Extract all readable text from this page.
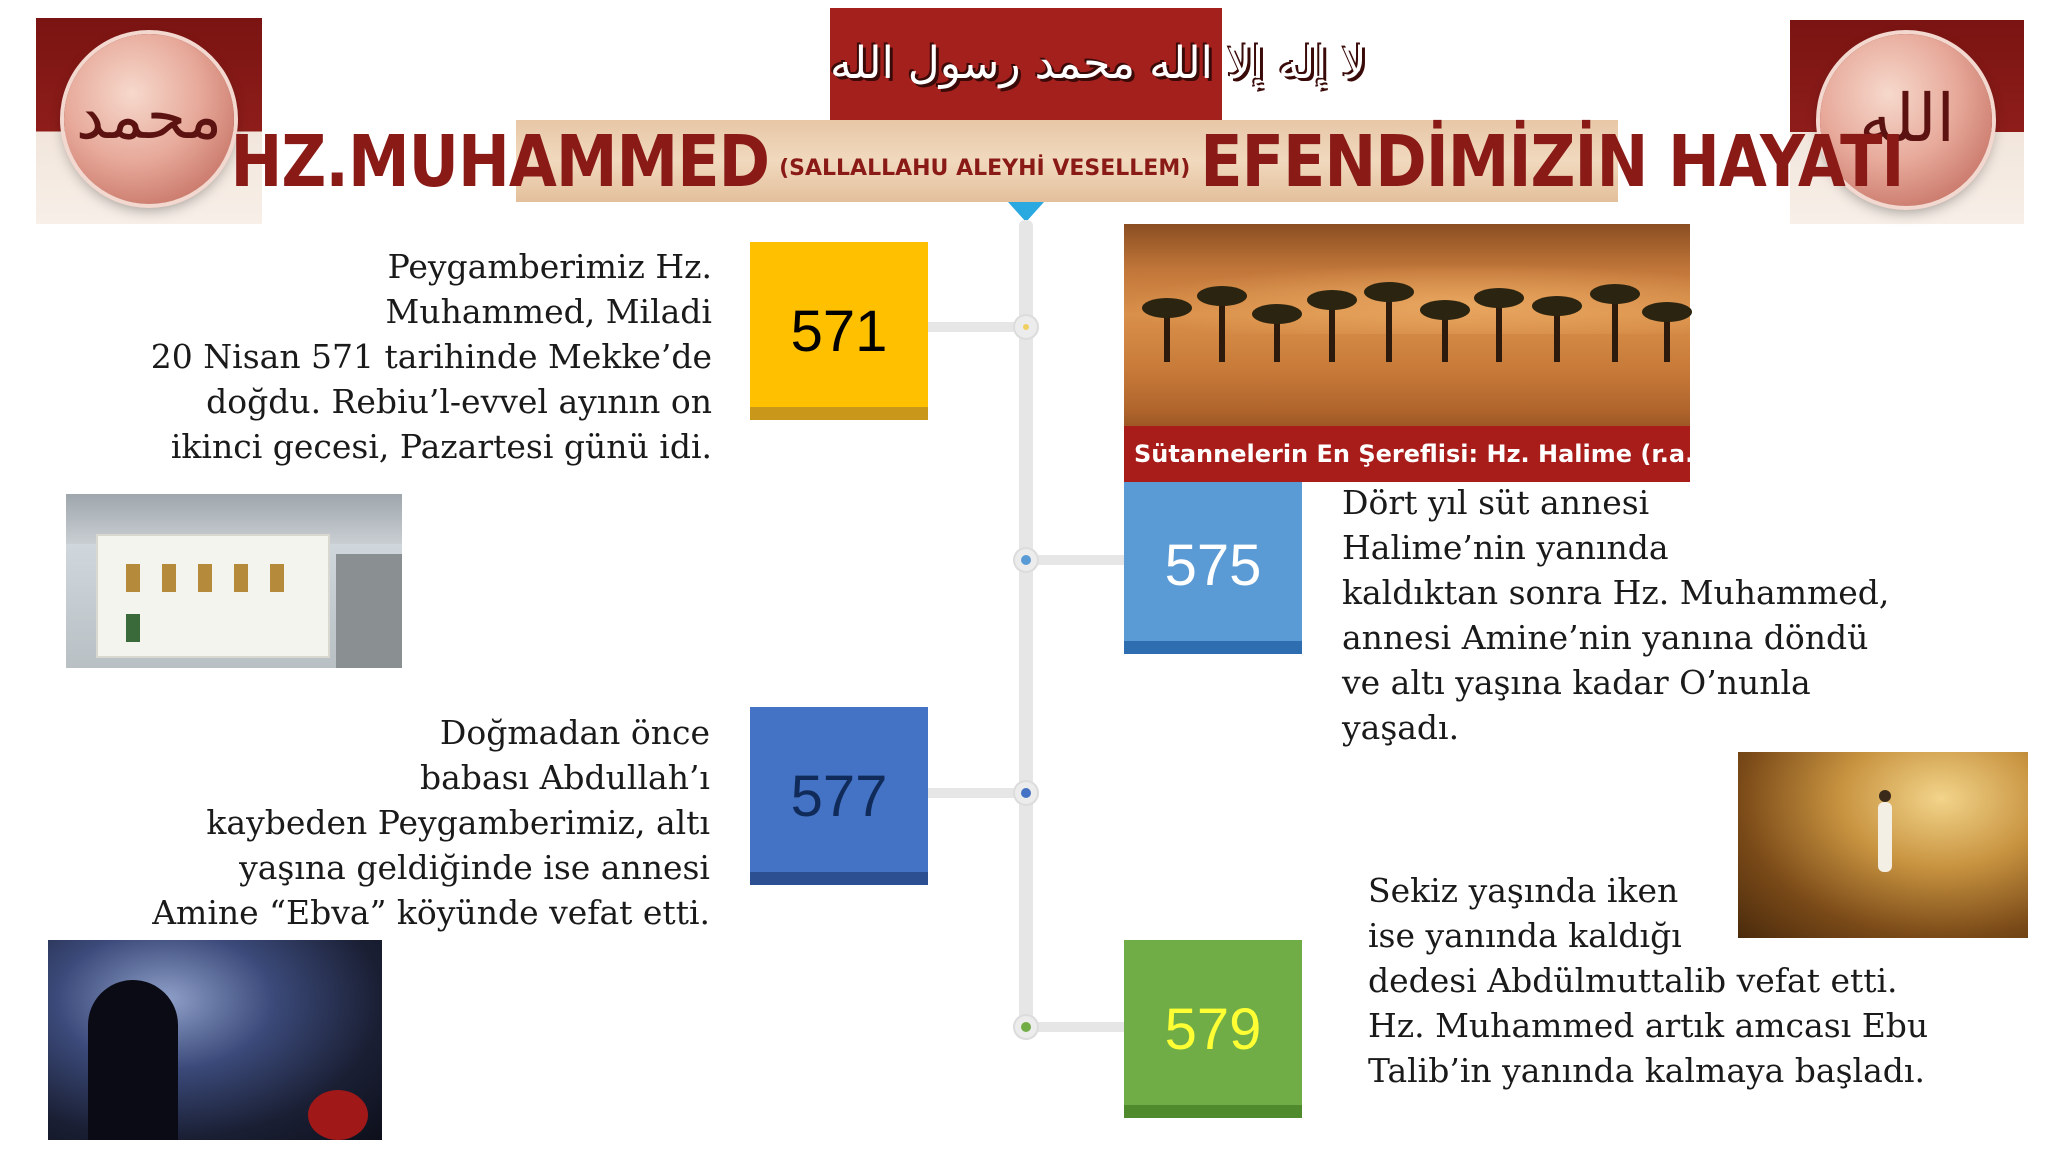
محمد	الله
لا إله إلا الله محمد رسول الله
HZ.MUHAMMED (SALLALLAHU ALEYHİ VESELLEM) EFENDİMİZİN HAYATI
571
575
577
579
Peygamberimiz Hz.
Muhammed, Miladi
20 Nisan 571 tarihinde Mekke’de
doğdu. Rebiu’l-evvel ayının on
ikinci gecesi, Pazartesi günü idi.
Dört yıl süt annesi
Halime’nin yanında
kaldıktan sonra Hz. Muhammed,
annesi Amine’nin yanına döndü
ve altı yaşına kadar O’nunla
yaşadı.
Doğmadan önce
babası Abdullah’ı
kaybeden Peygamberimiz, altı
yaşına geldiğinde ise annesi
Amine “Ebva” köyünde vefat etti.
Sekiz yaşında iken
ise yanında kaldığı
dedesi Abdülmuttalib vefat etti.
Hz. Muhammed artık amcası Ebu
Talib’in yanında kalmaya başladı.
Sütannelerin En Şereflisi: Hz. Halime (r.a.)
